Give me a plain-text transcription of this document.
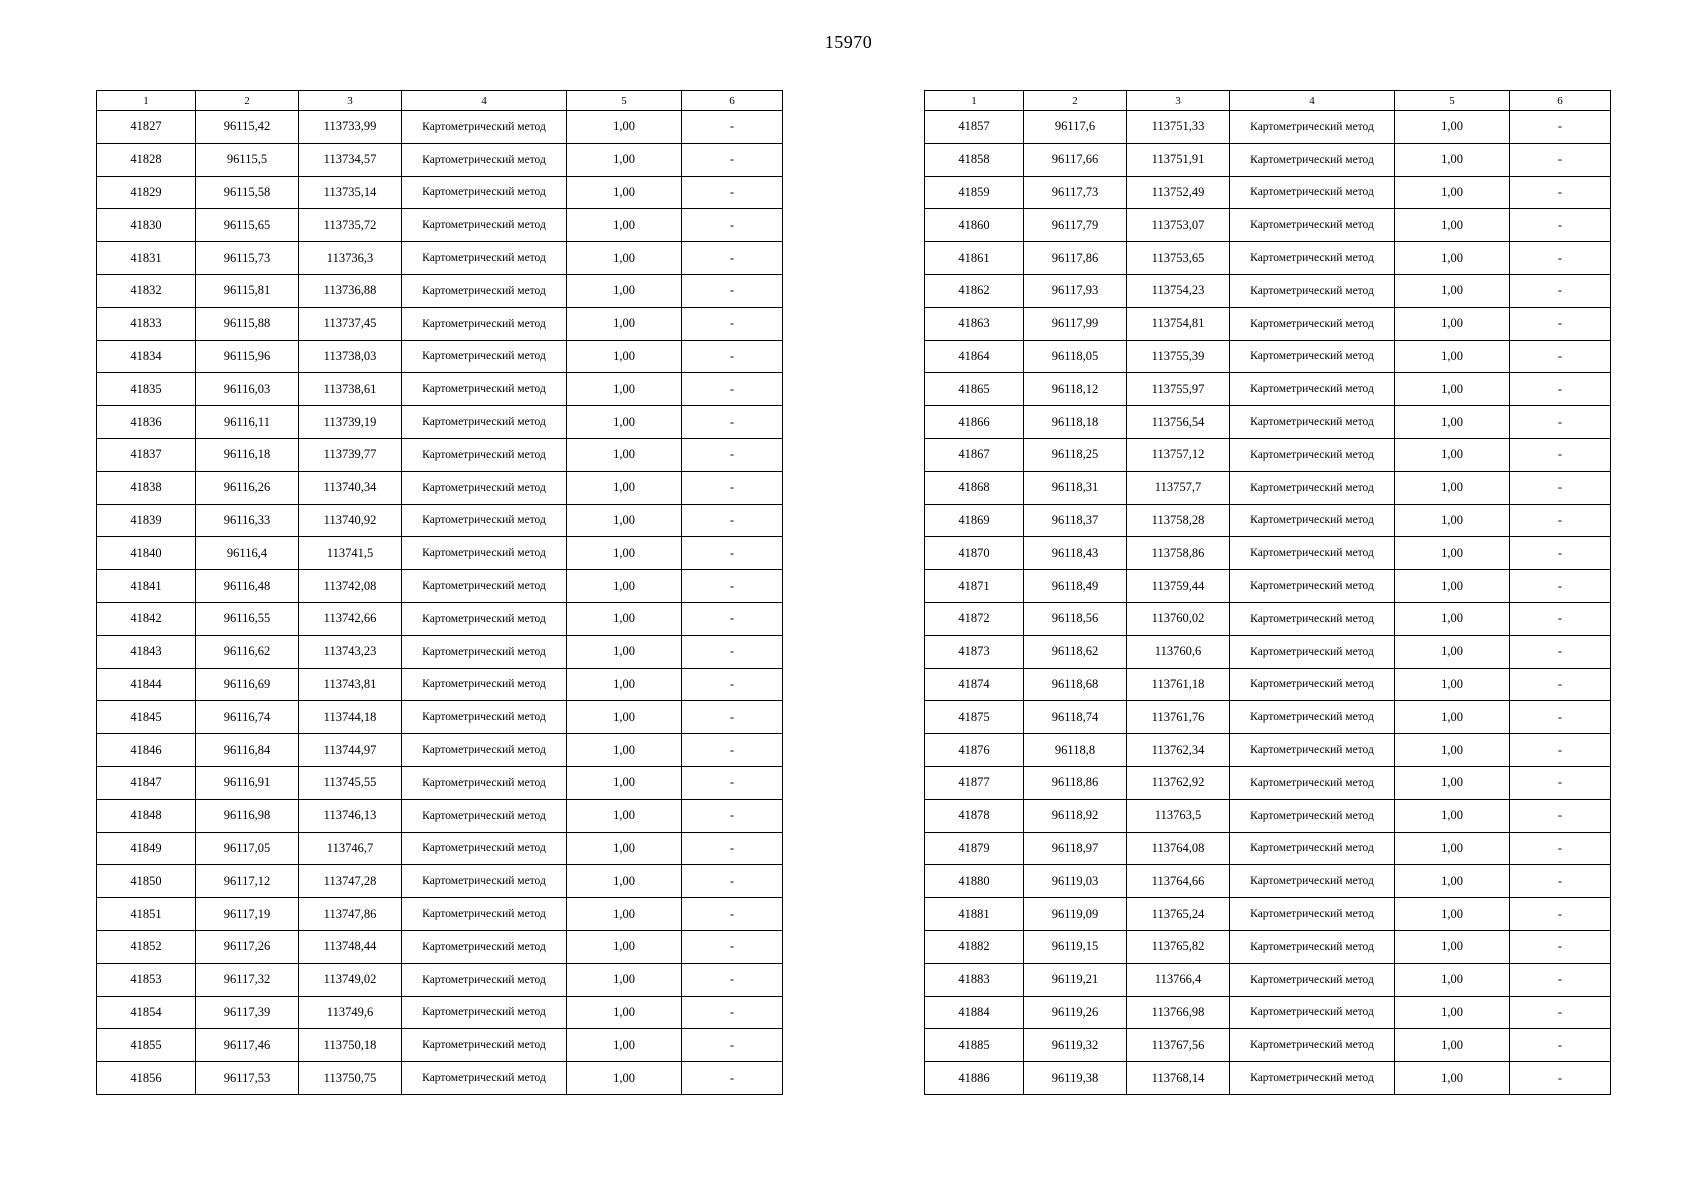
15970
1	2	3	4	5	6
41827	96115,42	113733,99	Картометрический метод	1,00	-
41828	96115,5	113734,57	Картометрический метод	1,00	-
41829	96115,58	113735,14	Картометрический метод	1,00	-
41830	96115,65	113735,72	Картометрический метод	1,00	-
41831	96115,73	113736,3	Картометрический метод	1,00	-
41832	96115,81	113736,88	Картометрический метод	1,00	-
41833	96115,88	113737,45	Картометрический метод	1,00	-
41834	96115,96	113738,03	Картометрический метод	1,00	-
41835	96116,03	113738,61	Картометрический метод	1,00	-
41836	96116,11	113739,19	Картометрический метод	1,00	-
41837	96116,18	113739,77	Картометрический метод	1,00	-
41838	96116,26	113740,34	Картометрический метод	1,00	-
41839	96116,33	113740,92	Картометрический метод	1,00	-
41840	96116,4	113741,5	Картометрический метод	1,00	-
41841	96116,48	113742,08	Картометрический метод	1,00	-
41842	96116,55	113742,66	Картометрический метод	1,00	-
41843	96116,62	113743,23	Картометрический метод	1,00	-
41844	96116,69	113743,81	Картометрический метод	1,00	-
41845	96116,74	113744,18	Картометрический метод	1,00	-
41846	96116,84	113744,97	Картометрический метод	1,00	-
41847	96116,91	113745,55	Картометрический метод	1,00	-
41848	96116,98	113746,13	Картометрический метод	1,00	-
41849	96117,05	113746,7	Картометрический метод	1,00	-
41850	96117,12	113747,28	Картометрический метод	1,00	-
41851	96117,19	113747,86	Картометрический метод	1,00	-
41852	96117,26	113748,44	Картометрический метод	1,00	-
41853	96117,32	113749,02	Картометрический метод	1,00	-
41854	96117,39	113749,6	Картометрический метод	1,00	-
41855	96117,46	113750,18	Картометрический метод	1,00	-
41856	96117,53	113750,75	Картометрический метод	1,00	-
1	2	3	4	5	6
41857	96117,6	113751,33	Картометрический метод	1,00	-
41858	96117,66	113751,91	Картометрический метод	1,00	-
41859	96117,73	113752,49	Картометрический метод	1,00	-
41860	96117,79	113753,07	Картометрический метод	1,00	-
41861	96117,86	113753,65	Картометрический метод	1,00	-
41862	96117,93	113754,23	Картометрический метод	1,00	-
41863	96117,99	113754,81	Картометрический метод	1,00	-
41864	96118,05	113755,39	Картометрический метод	1,00	-
41865	96118,12	113755,97	Картометрический метод	1,00	-
41866	96118,18	113756,54	Картометрический метод	1,00	-
41867	96118,25	113757,12	Картометрический метод	1,00	-
41868	96118,31	113757,7	Картометрический метод	1,00	-
41869	96118,37	113758,28	Картометрический метод	1,00	-
41870	96118,43	113758,86	Картометрический метод	1,00	-
41871	96118,49	113759,44	Картометрический метод	1,00	-
41872	96118,56	113760,02	Картометрический метод	1,00	-
41873	96118,62	113760,6	Картометрический метод	1,00	-
41874	96118,68	113761,18	Картометрический метод	1,00	-
41875	96118,74	113761,76	Картометрический метод	1,00	-
41876	96118,8	113762,34	Картометрический метод	1,00	-
41877	96118,86	113762,92	Картометрический метод	1,00	-
41878	96118,92	113763,5	Картометрический метод	1,00	-
41879	96118,97	113764,08	Картометрический метод	1,00	-
41880	96119,03	113764,66	Картометрический метод	1,00	-
41881	96119,09	113765,24	Картометрический метод	1,00	-
41882	96119,15	113765,82	Картометрический метод	1,00	-
41883	96119,21	113766,4	Картометрический метод	1,00	-
41884	96119,26	113766,98	Картометрический метод	1,00	-
41885	96119,32	113767,56	Картометрический метод	1,00	-
41886	96119,38	113768,14	Картометрический метод	1,00	-
